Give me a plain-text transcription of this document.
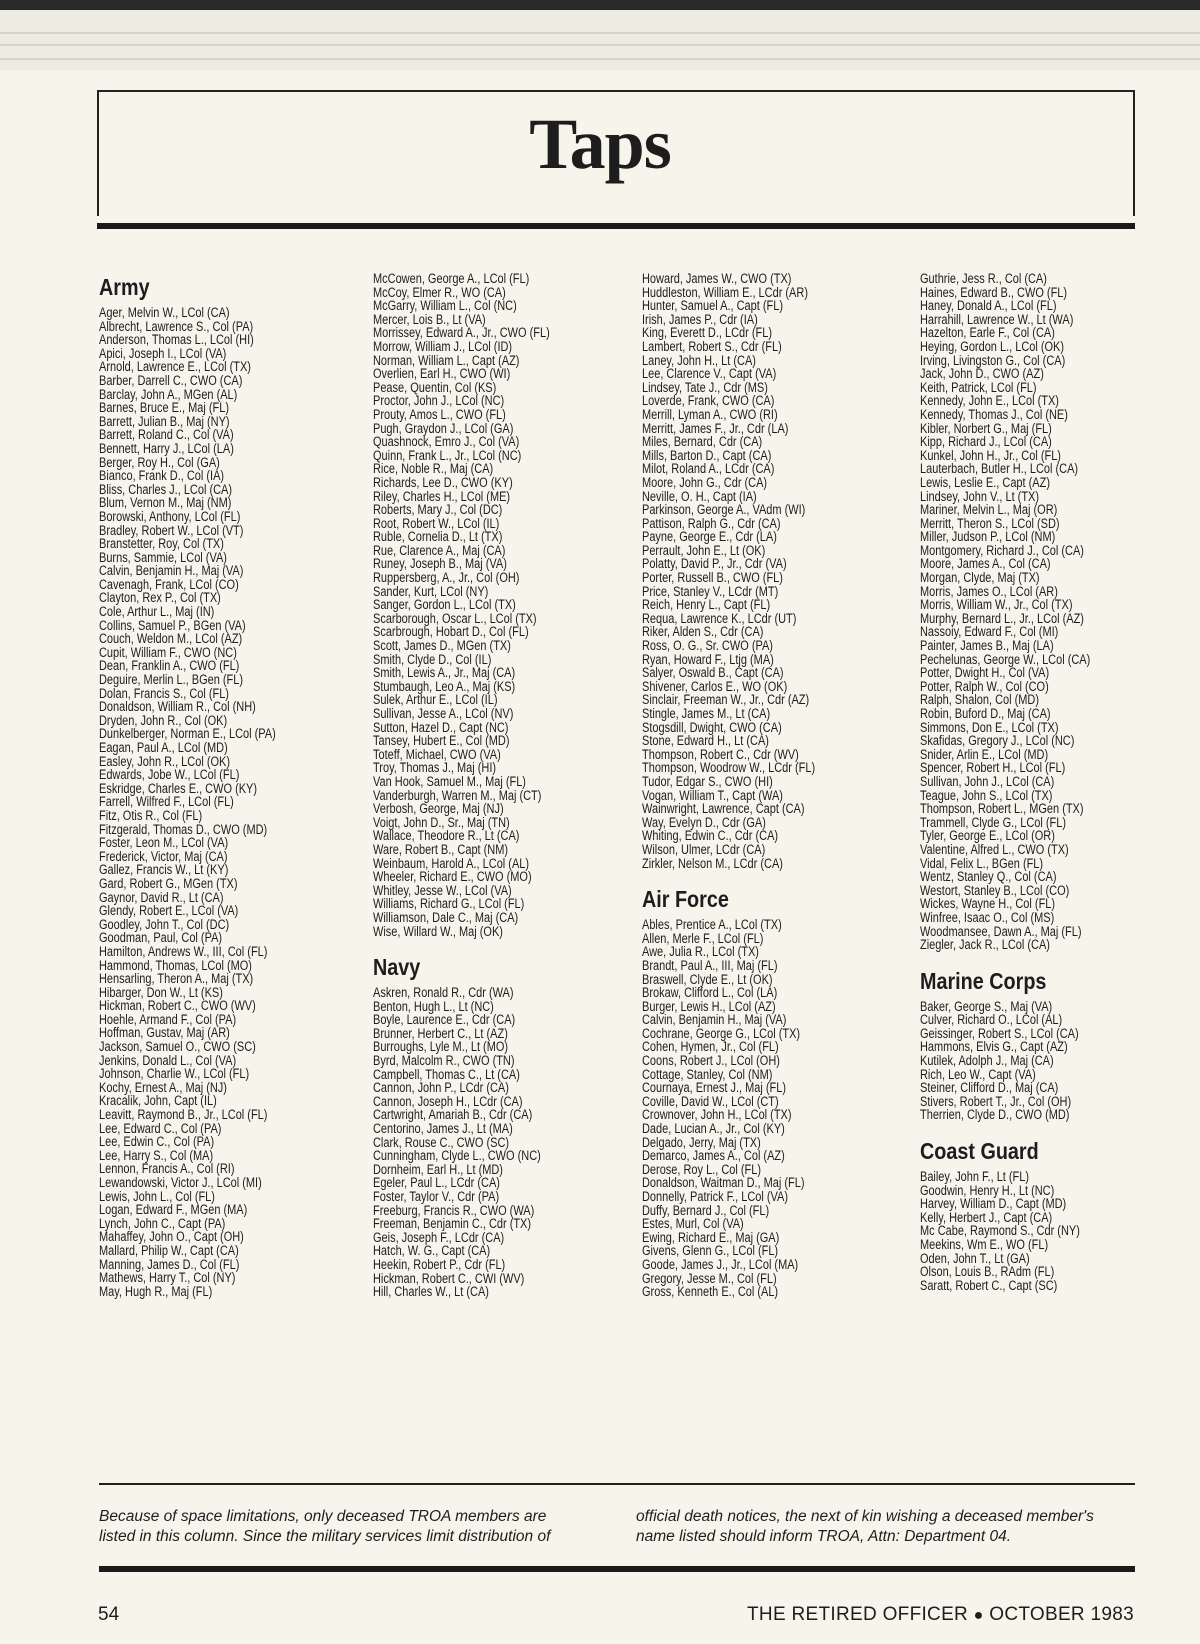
Taps
Army
Ager, Melvin W., LCol (CA)
Albrecht, Lawrence S., Col (PA)
Anderson, Thomas L., LCol (HI)
Apici, Joseph I., LCol (VA)
Arnold, Lawrence E., LCol (TX)
Barber, Darrell C., CWO (CA)
Barclay, John A., MGen (AL)
Barnes, Bruce E., Maj (FL)
Barrett, Julian B., Maj (NY)
Barrett, Roland C., Col (VA)
Bennett, Harry J., LCol (LA)
Berger, Roy H., Col (GA)
Bianco, Frank D., Col (IA)
Bliss, Charles J., LCol (CA)
Blum, Vernon M., Maj (NM)
Borowski, Anthony, LCol (FL)
Bradley, Robert W., LCol (VT)
Branstetter, Roy, Col (TX)
Burns, Sammie, LCol (VA)
Calvin, Benjamin H., Maj (VA)
Cavenagh, Frank, LCol (CO)
Clayton, Rex P., Col (TX)
Cole, Arthur L., Maj (IN)
Collins, Samuel P., BGen (VA)
Couch, Weldon M., LCol (AZ)
Cupit, William F., CWO (NC)
Dean, Franklin A., CWO (FL)
Deguire, Merlin L., BGen (FL)
Dolan, Francis S., Col (FL)
Donaldson, William R., Col (NH)
Dryden, John R., Col (OK)
Dunkelberger, Norman E., LCol (PA)
Eagan, Paul A., LCol (MD)
Easley, John R., LCol (OK)
Edwards, Jobe W., LCol (FL)
Eskridge, Charles E., CWO (KY)
Farrell, Wilfred F., LCol (FL)
Fitz, Otis R., Col (FL)
Fitzgerald, Thomas D., CWO (MD)
Foster, Leon M., LCol (VA)
Frederick, Victor, Maj (CA)
Gallez, Francis W., Lt (KY)
Gard, Robert G., MGen (TX)
Gaynor, David R., Lt (CA)
Glendy, Robert E., LCol (VA)
Goodley, John T., Col (DC)
Goodman, Paul, Col (PA)
Hamilton, Andrews W., III, Col (FL)
Hammond, Thomas, LCol (MO)
Hensarling, Theron A., Maj (TX)
Hibarger, Don W., Lt (KS)
Hickman, Robert C., CWO (WV)
Hoehle, Armand F., Col (PA)
Hoffman, Gustav, Maj (AR)
Jackson, Samuel O., CWO (SC)
Jenkins, Donald L., Col (VA)
Johnson, Charlie W., LCol (FL)
Kochy, Ernest A., Maj (NJ)
Kracalik, John, Capt (IL)
Leavitt, Raymond B., Jr., LCol (FL)
Lee, Edward C., Col (PA)
Lee, Edwin C., Col (PA)
Lee, Harry S., Col (MA)
Lennon, Francis A., Col (RI)
Lewandowski, Victor J., LCol (MI)
Lewis, John L., Col (FL)
Logan, Edward F., MGen (MA)
Lynch, John C., Capt (PA)
Mahaffey, John O., Capt (OH)
Mallard, Philip W., Capt (CA)
Manning, James D., Col (FL)
Mathews, Harry T., Col (NY)
May, Hugh R., Maj (FL)
McCowen, George A., LCol (FL)
McCoy, Elmer R., WO (CA)
McGarry, William L., Col (NC)
Mercer, Lois B., Lt (VA)
Morrissey, Edward A., Jr., CWO (FL)
Morrow, William J., LCol (ID)
Norman, William L., Capt (AZ)
Overlien, Earl H., CWO (WI)
Pease, Quentin, Col (KS)
Proctor, John J., LCol (NC)
Prouty, Amos L., CWO (FL)
Pugh, Graydon J., LCol (GA)
Quashnock, Emro J., Col (VA)
Quinn, Frank L., Jr., LCol (NC)
Rice, Noble R., Maj (CA)
Richards, Lee D., CWO (KY)
Riley, Charles H., LCol (ME)
Roberts, Mary J., Col (DC)
Root, Robert W., LCol (IL)
Ruble, Cornelia D., Lt (TX)
Rue, Clarence A., Maj (CA)
Runey, Joseph B., Maj (VA)
Ruppersberg, A., Jr., Col (OH)
Sander, Kurt, LCol (NY)
Sanger, Gordon L., LCol (TX)
Scarborough, Oscar L., LCol (TX)
Scarbrough, Hobart D., Col (FL)
Scott, James D., MGen (TX)
Smith, Clyde D., Col (IL)
Smith, Lewis A., Jr., Maj (CA)
Stumbaugh, Leo A., Maj (KS)
Sulek, Arthur E., LCol (IL)
Sullivan, Jesse A., LCol (NV)
Sutton, Hazel D., Capt (NC)
Tansey, Hubert E., Col (MD)
Toteff, Michael, CWO (VA)
Troy, Thomas J., Maj (HI)
Van Hook, Samuel M., Maj (FL)
Vanderburgh, Warren M., Maj (CT)
Verbosh, George, Maj (NJ)
Voigt, John D., Sr., Maj (TN)
Wallace, Theodore R., Lt (CA)
Ware, Robert B., Capt (NM)
Weinbaum, Harold A., LCol (AL)
Wheeler, Richard E., CWO (MO)
Whitley, Jesse W., LCol (VA)
Williams, Richard G., LCol (FL)
Williamson, Dale C., Maj (CA)
Wise, Willard W., Maj (OK)
Navy
Askren, Ronald R., Cdr (WA)
Benton, Hugh L., Lt (NC)
Boyle, Laurence E., Cdr (CA)
Brunner, Herbert C., Lt (AZ)
Burroughs, Lyle M., Lt (MO)
Byrd, Malcolm R., CWO (TN)
Campbell, Thomas C., Lt (CA)
Cannon, John P., LCdr (CA)
Cannon, Joseph H., LCdr (CA)
Cartwright, Amariah B., Cdr (CA)
Centorino, James J., Lt (MA)
Clark, Rouse C., CWO (SC)
Cunningham, Clyde L., CWO (NC)
Dornheim, Earl H., Lt (MD)
Egeler, Paul L., LCdr (CA)
Foster, Taylor V., Cdr (PA)
Freeburg, Francis R., CWO (WA)
Freeman, Benjamin C., Cdr (TX)
Geis, Joseph F., LCdr (CA)
Hatch, W. G., Capt (CA)
Heekin, Robert P., Cdr (FL)
Hickman, Robert C., CWI (WV)
Hill, Charles W., Lt (CA)
Howard, James W., CWO (TX)
Huddleston, William E., LCdr (AR)
Hunter, Samuel A., Capt (FL)
Irish, James P., Cdr (IA)
King, Everett D., LCdr (FL)
Lambert, Robert S., Cdr (FL)
Laney, John H., Lt (CA)
Lee, Clarence V., Capt (VA)
Lindsey, Tate J., Cdr (MS)
Loverde, Frank, CWO (CA)
Merrill, Lyman A., CWO (RI)
Merritt, James F., Jr., Cdr (LA)
Miles, Bernard, Cdr (CA)
Mills, Barton D., Capt (CA)
Milot, Roland A., LCdr (CA)
Moore, John G., Cdr (CA)
Neville, O. H., Capt (IA)
Parkinson, George A., VAdm (WI)
Pattison, Ralph G., Cdr (CA)
Payne, George E., Cdr (LA)
Perrault, John E., Lt (OK)
Polatty, David P., Jr., Cdr (VA)
Porter, Russell B., CWO (FL)
Price, Stanley V., LCdr (MT)
Reich, Henry L., Capt (FL)
Requa, Lawrence K., LCdr (UT)
Riker, Alden S., Cdr (CA)
Ross, O. G., Sr. CWO (PA)
Ryan, Howard F., Ltjg (MA)
Salyer, Oswald B., Capt (CA)
Shivener, Carlos E., WO (OK)
Sinclair, Freeman W., Jr., Cdr (AZ)
Stingle, James M., Lt (CA)
Stogsdill, Dwight, CWO (CA)
Stone, Edward H., Lt (CA)
Thompson, Robert C., Cdr (WV)
Thompson, Woodrow W., LCdr (FL)
Tudor, Edgar S., CWO (HI)
Vogan, William T., Capt (WA)
Wainwright, Lawrence, Capt (CA)
Way, Evelyn D., Cdr (GA)
Whiting, Edwin C., Cdr (CA)
Wilson, Ulmer, LCdr (CA)
Zirkler, Nelson M., LCdr (CA)
Air Force
Ables, Prentice A., LCol (TX)
Allen, Merle F., LCol (FL)
Awe, Julia R., LCol (TX)
Brandt, Paul A., III, Maj (FL)
Braswell, Clyde E., Lt (OK)
Brokaw, Clifford L., Col (LA)
Burger, Lewis H., LCol (AZ)
Calvin, Benjamin H., Maj (VA)
Cochrane, George G., LCol (TX)
Cohen, Hymen, Jr., Col (FL)
Coons, Robert J., LCol (OH)
Cottage, Stanley, Col (NM)
Cournaya, Ernest J., Maj (FL)
Coville, David W., LCol (CT)
Crownover, John H., LCol (TX)
Dade, Lucian A., Jr., Col (KY)
Delgado, Jerry, Maj (TX)
Demarco, James A., Col (AZ)
Derose, Roy L., Col (FL)
Donaldson, Waitman D., Maj (FL)
Donnelly, Patrick F., LCol (VA)
Duffy, Bernard J., Col (FL)
Estes, Murl, Col (VA)
Ewing, Richard E., Maj (GA)
Givens, Glenn G., LCol (FL)
Goode, James J., Jr., LCol (MA)
Gregory, Jesse M., Col (FL)
Gross, Kenneth E., Col (AL)
Guthrie, Jess R., Col (CA)
Haines, Edward B., CWO (FL)
Haney, Donald A., LCol (FL)
Harrahill, Lawrence W., Lt (WA)
Hazelton, Earle F., Col (CA)
Heying, Gordon L., LCol (OK)
Irving, Livingston G., Col (CA)
Jack, John D., CWO (AZ)
Keith, Patrick, LCol (FL)
Kennedy, John E., LCol (TX)
Kennedy, Thomas J., Col (NE)
Kibler, Norbert G., Maj (FL)
Kipp, Richard J., LCol (CA)
Kunkel, John H., Jr., Col (FL)
Lauterbach, Butler H., LCol (CA)
Lewis, Leslie E., Capt (AZ)
Lindsey, John V., Lt (TX)
Mariner, Melvin L., Maj (OR)
Merritt, Theron S., LCol (SD)
Miller, Judson P., LCol (NM)
Montgomery, Richard J., Col (CA)
Moore, James A., Col (CA)
Morgan, Clyde, Maj (TX)
Morris, James O., LCol (AR)
Morris, William W., Jr., Col (TX)
Murphy, Bernard L., Jr., LCol (AZ)
Nassoiy, Edward F., Col (MI)
Painter, James B., Maj (LA)
Pechelunas, George W., LCol (CA)
Potter, Dwight H., Col (VA)
Potter, Ralph W., Col (CO)
Ralph, Shalon, Col (MD)
Robin, Buford D., Maj (CA)
Simmons, Don E., LCol (TX)
Skafidas, Gregory J., LCol (NC)
Snider, Arlin E., LCol (MD)
Spencer, Robert H., LCol (FL)
Sullivan, John J., LCol (CA)
Teague, John S., LCol (TX)
Thompson, Robert L., MGen (TX)
Trammell, Clyde G., LCol (FL)
Tyler, George E., LCol (OR)
Valentine, Alfred L., CWO (TX)
Vidal, Felix L., BGen (FL)
Wentz, Stanley Q., Col (CA)
Westort, Stanley B., LCol (CO)
Wickes, Wayne H., Col (FL)
Winfree, Isaac O., Col (MS)
Woodmansee, Dawn A., Maj (FL)
Ziegler, Jack R., LCol (CA)
Marine Corps
Baker, George S., Maj (VA)
Culver, Richard O., LCol (AL)
Geissinger, Robert S., LCol (CA)
Hammons, Elvis G., Capt (AZ)
Kutilek, Adolph J., Maj (CA)
Rich, Leo W., Capt (VA)
Steiner, Clifford D., Maj (CA)
Stivers, Robert T., Jr., Col (OH)
Therrien, Clyde D., CWO (MD)
Coast Guard
Bailey, John F., Lt (FL)
Goodwin, Henry H., Lt (NC)
Harvey, William D., Capt (MD)
Kelly, Herbert J., Capt (CA)
Mc Cabe, Raymond S., Cdr (NY)
Meekins, Wm E., WO (FL)
Oden, John T., Lt (GA)
Olson, Louis B., RAdm (FL)
Saratt, Robert C., Capt (SC)

Because of space limitations, only deceased TROA members are
listed in this column. Since the military services limit distribution of

official death notices, the next of kin wishing a deceased member's
name listed should inform TROA, Attn: Department 04.

54	THE RETIRED OFFICER ● OCTOBER 1983
